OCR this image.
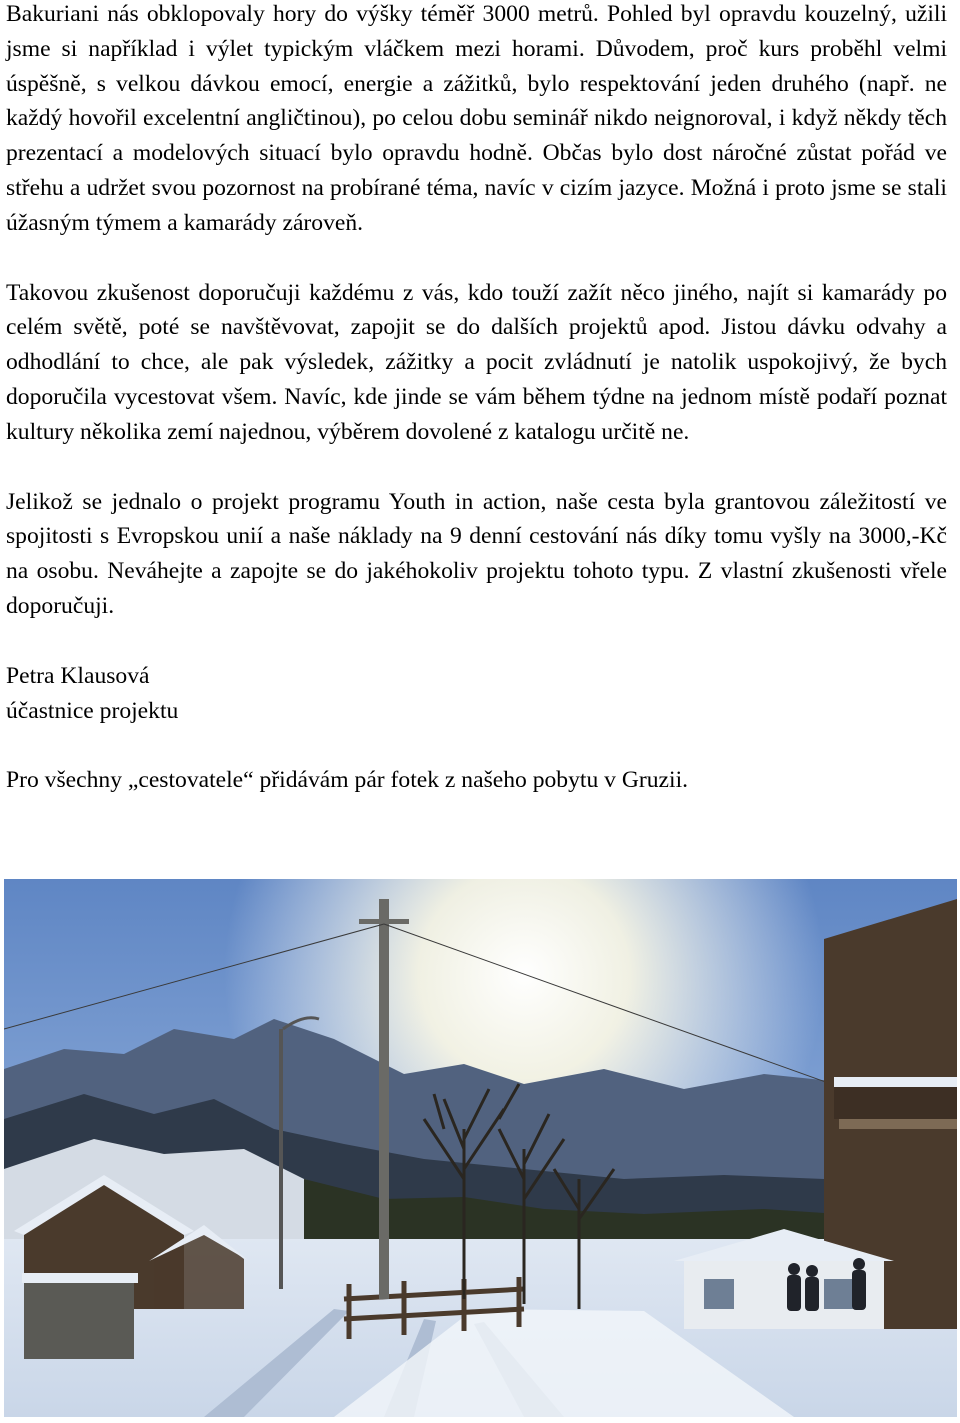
Bakuriani nás obklopovaly hory do výšky téměř 3000 metrů. Pohled byl opravdu kouzelný, užili jsme si například i výlet typickým vláčkem mezi horami. Důvodem, proč kurs proběhl velmi úspěšně, s velkou dávkou emocí, energie a zážitků, bylo respektování jeden druhého (např. ne každý hovořil excelentní angličtinou), po celou dobu seminář nikdo neignoroval, i když někdy těch prezentací a modelových situací bylo opravdu hodně. Občas bylo dost náročné zůstat pořád ve střehu a udržet svou pozornost na probírané téma, navíc v cizím jazyce. Možná i proto jsme se stali úžasným týmem a kamarády zároveň.

Takovou zkušenost doporučuji každému z vás, kdo touží zažít něco jiného, najít si kamarády po celém světě, poté se navštěvovat, zapojit se do dalších projektů apod. Jistou dávku odvahy a odhodlání to chce, ale pak výsledek, zážitky a pocit zvládnutí je natolik uspokojivý, že bych doporučila vycestovat všem. Navíc, kde jinde se vám během týdne na jednom místě podaří poznat kultury několika zemí najednou, výběrem dovolené z katalogu určitě ne.

Jelikož se jednalo o projekt programu Youth in action, naše cesta byla grantovou záležitostí ve spojitosti s Evropskou unií a naše náklady na 9 denní cestování nás díky tomu vyšly na 3000,-Kč na osobu. Neváhejte a zapojte se do jakéhokoliv projektu tohoto typu. Z vlastní zkušenosti vřele doporučuji.

Petra Klausová

účastnice projektu

Pro všechny „cestovatele“ přidávám pár fotek z našeho pobytu v Gruzii.
